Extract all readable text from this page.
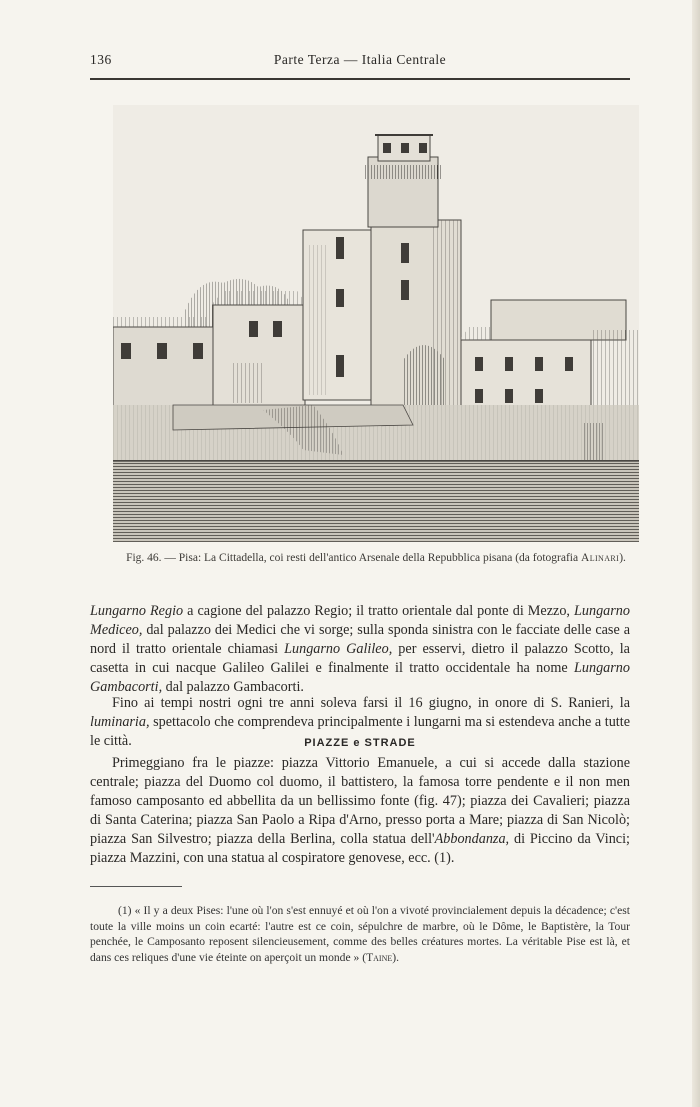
136	Parte Terza — Italia Centrale
Fig. 46. — Pisa: La Cittadella, coi resti dell'antico Arsenale della Repubblica pisana (da fotografia Alinari).

Lungarno Regio a cagione del palazzo Regio; il tratto orientale dal ponte di Mezzo, Lungarno Mediceo, dal palazzo dei Medici che vi sorge; sulla sponda sinistra con le facciate delle case a nord il tratto orientale chiamasi Lungarno Galileo, per esservi, dietro il palazzo Scotto, la casetta in cui nacque Galileo Galilei e finalmente il tratto occidentale ha nome Lungarno Gambacorti, dal palazzo Gambacorti.

Fino ai tempi nostri ogni tre anni soleva farsi il 16 giugno, in onore di S. Ranieri, la luminaria, spettacolo che comprendeva principalmente i lungarni ma si estendeva anche a tutte le città.	PIAZZE e STRADE

Primeggiano fra le piazze: piazza Vittorio Emanuele, a cui si accede dalla stazione centrale; piazza del Duomo col duomo, il battistero, la famosa torre pendente e il non men famoso camposanto ed abbellita da un bellissimo fonte (fig. 47); piazza dei Cavalieri; piazza di Santa Caterina; piazza San Paolo a Ripa d'Arno, presso porta a Mare; piazza di San Nicolò; piazza San Silvestro; piazza della Berlina, colla statua dell'Abbondanza, di Piccino da Vinci; piazza Mazzini, con una statua al cospiratore genovese, ecc. (1).

(1) « Il y a deux Pises: l'une où l'on s'est ennuyé et où l'on a vivoté provincialement depuis la décadence; c'est toute la ville moins un coin ecarté: l'autre est ce coin, sépulchre de marbre, où le Dôme, le Baptistère, la Tour penchée, le Camposanto reposent silencieusement, comme des belles créatures mortes. La véritable Pise est là, et dans ces reliques d'une vie éteinte on aperçoit un monde » (Taine).
